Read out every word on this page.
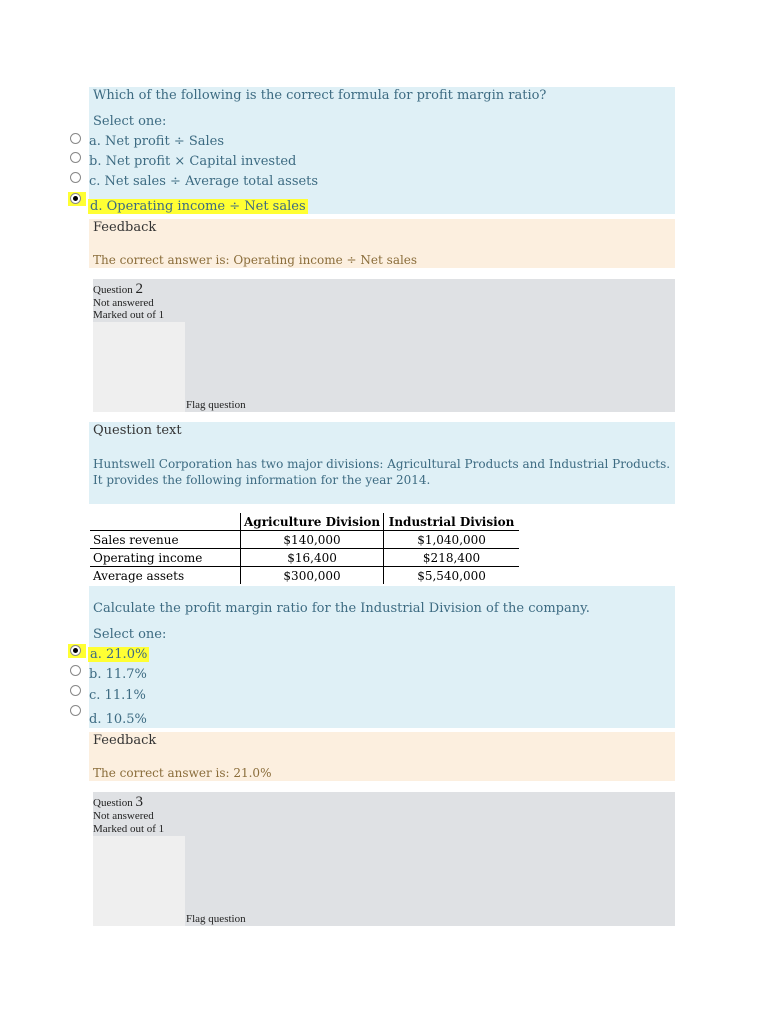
Which of the following is the correct formula for profit margin ratio?
Select one:
a. Net profit ÷ Sales
b. Net profit × Capital invested
c. Net sales ÷ Average total assets
d. Operating income ÷ Net sales
Feedback
The correct answer is: Operating income ÷ Net sales
Question 2
Not answered
Marked out of 1
Flag question
Question text
Huntswell Corporation has two major divisions: Agricultural Products and Industrial Products. It provides the following information for the year 2014.
	Agriculture Division	Industrial Division
Sales revenue	$140,000	$1,040,000
Operating income	$16,400	$218,400
Average assets	$300,000	$5,540,000
Calculate the profit margin ratio for the Industrial Division of the company.
Select one:
a. 21.0%
b. 11.7%
c. 11.1%
d. 10.5%
Feedback
The correct answer is: 21.0%
Question 3
Not answered
Marked out of 1
Flag question
